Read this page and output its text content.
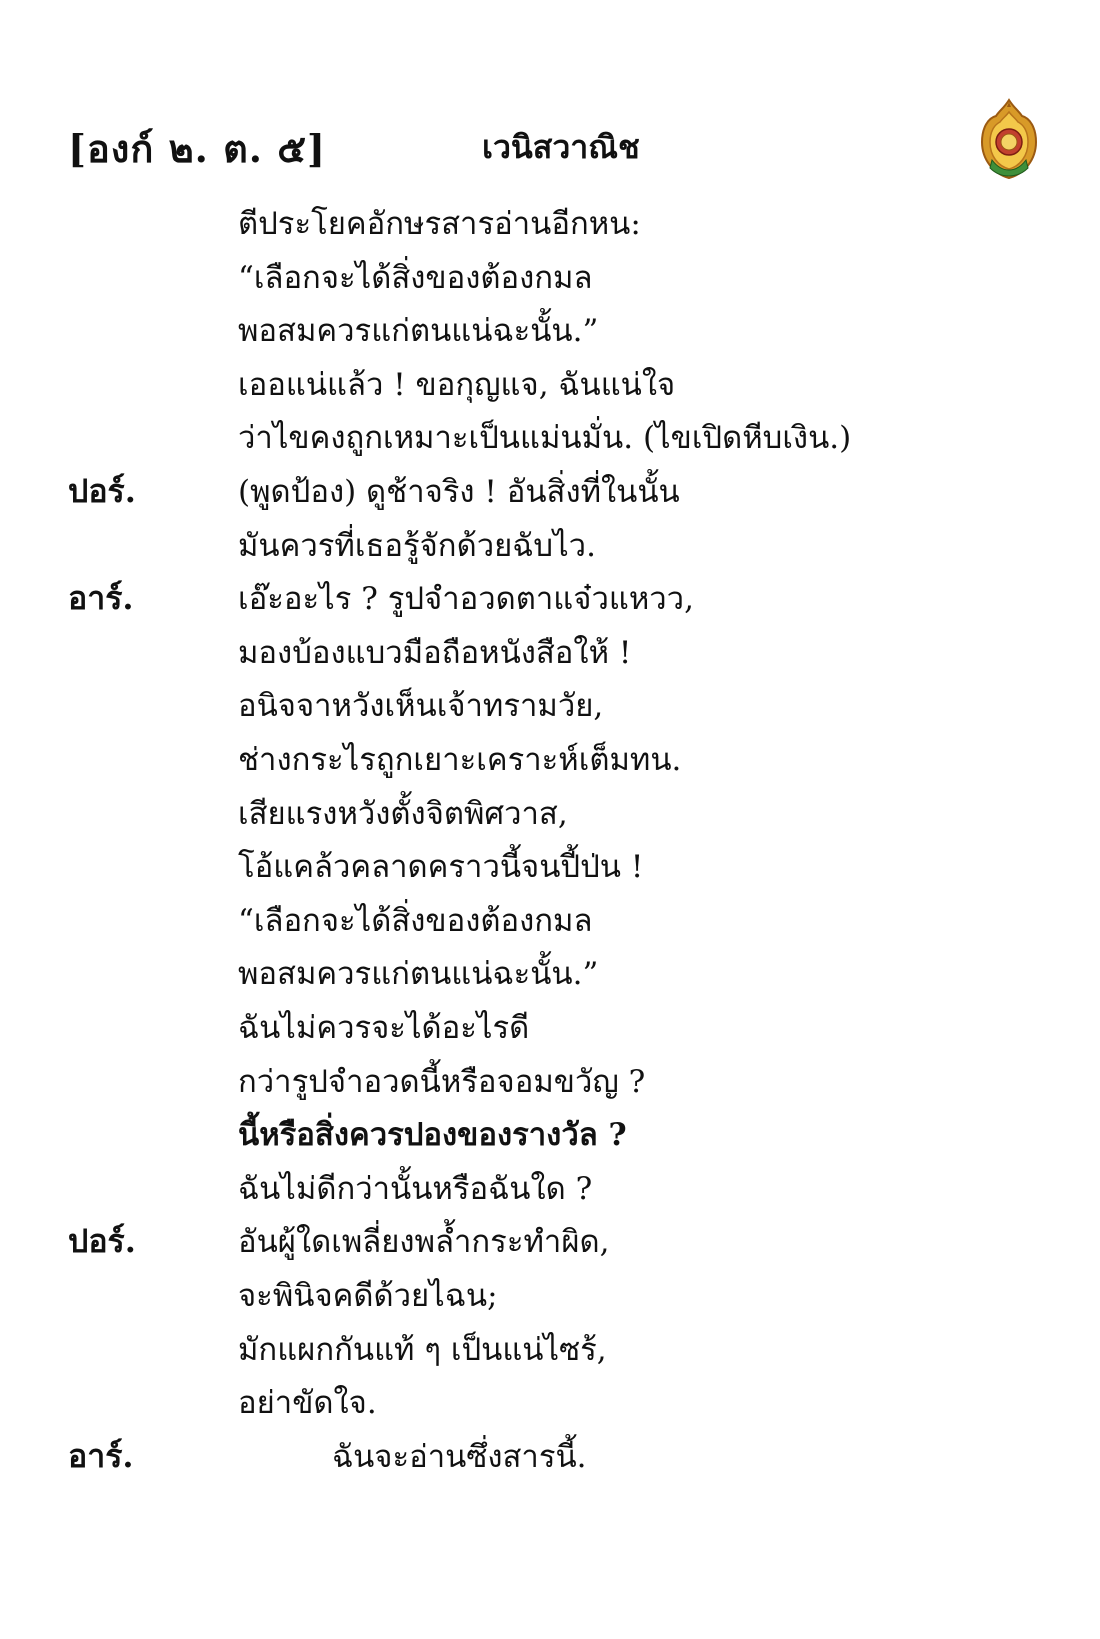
[องก์ ๒. ต. ๕]	เวนิสวาณิช
ตีประโยคอักษรสารอ่านอีกหน:
“เลือกจะได้สิ่งของต้องกมล
พอสมควรแก่ตนแน่ฉะนั้น.”
เออแน่แล้ว ! ขอกุญแจ, ฉันแน่ใจ
ว่าไขคงถูกเหมาะเป็นแม่นมั่น. (ไขเปิดหีบเงิน.)
ปอร์.	(พูดป้อง) ดูช้าจริง ! อันสิ่งที่ในนั้น
มันควรที่เธอรู้จักด้วยฉับไว.
อาร์.	เอ๊ะอะไร ? รูปจำอวดตาแจ๋วแหวว,
มองบ้องแบวมือถือหนังสือให้ !
อนิจจาหวังเห็นเจ้าทรามวัย,
ช่างกระไรถูกเยาะเคราะห์เต็มทน.
เสียแรงหวังตั้งจิตพิศวาส,
โอ้แคล้วคลาดคราวนี้จนปี้ป่น !
“เลือกจะได้สิ่งของต้องกมล
พอสมควรแก่ตนแน่ฉะนั้น.”
ฉันไม่ควรจะได้อะไรดี
กว่ารูปจำอวดนี้หรือจอมขวัญ ?
นี้หรือสิ่งควรปองของรางวัล ?
ฉันไม่ดีกว่านั้นหรือฉันใด ?
ปอร์.	อันผู้ใดเพลี่ยงพล้ำกระทำผิด,
จะพินิจคดีด้วยไฉน;
มักแผกกันแท้ ๆ เป็นแน่ไซร้,
อย่าขัดใจ.
อาร์.	ฉันจะอ่านซึ่งสารนี้.
